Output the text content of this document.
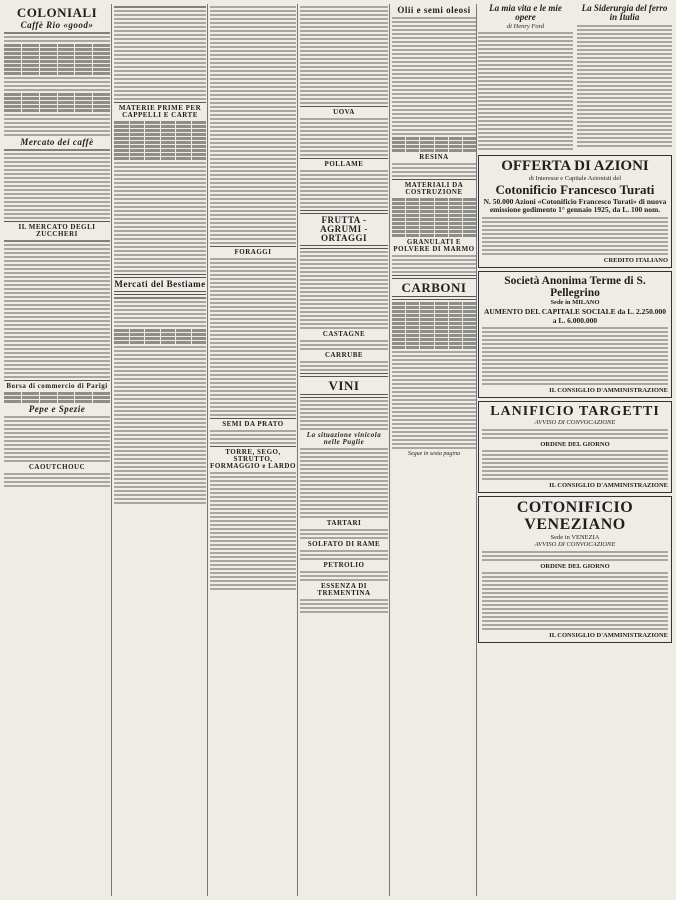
COLONIALI
Caffè Rio «good»
Mercato dei caffè
IL MERCATO DEGLI ZUCCHERI
Borsa di commercio di Parigi
Pepe e Spezie
CAOUTCHOUC
MATERIE PRIME PER CAPPELLI E CARTE
Mercati del Bestiame
FORAGGI
SEMI DA PRATO
TORRE, SEGO, STRUTTO, FORMAGGIO e LARDO
UOVA
POLLAME
FRUTTA - AGRUMI - ORTAGGI
CASTAGNE
CARRUBE
VINI
La situazione vinicola nelle Puglie
TARTARI
SOLFATO DI RAME
PETROLIO
ESSENZA DI TREMENTINA
Olii e semi oleosi
RESINA
MATERIALI DA COSTRUZIONE
GRANULATI E POLVERE DI MARMO
CARBONI
Segue in sesta pagina
La mia vita e le mie opere
di Henry Ford
La Siderurgia del ferro in Italia
OFFERTA DI AZIONI
di Interesse e Capitale Azionisti del
Cotonificio Francesco Turati
N. 50.000 Azioni «Cotonificio Francesco Turati» di nuova emissione godimento 1° gennaio 1925, da L. 100 nom.
CREDITO ITALIANO
Società Anonima Terme di S. Pellegrino
Sede in MILANO
AUMENTO DEL CAPITALE SOCIALE da L. 2.250.000 a L. 6.000.000
IL CONSIGLIO D'AMMINISTRAZIONE
LANIFICIO TARGETTI
AVVISO DI CONVOCAZIONE
ORDINE DEL GIORNO
IL CONSIGLIO D'AMMINISTRAZIONE
COTONIFICIO VENEZIANO
Sede in VENEZIA
AVVISO DI CONVOCAZIONE
ORDINE DEL GIORNO
IL CONSIGLIO D'AMMINISTRAZIONE
